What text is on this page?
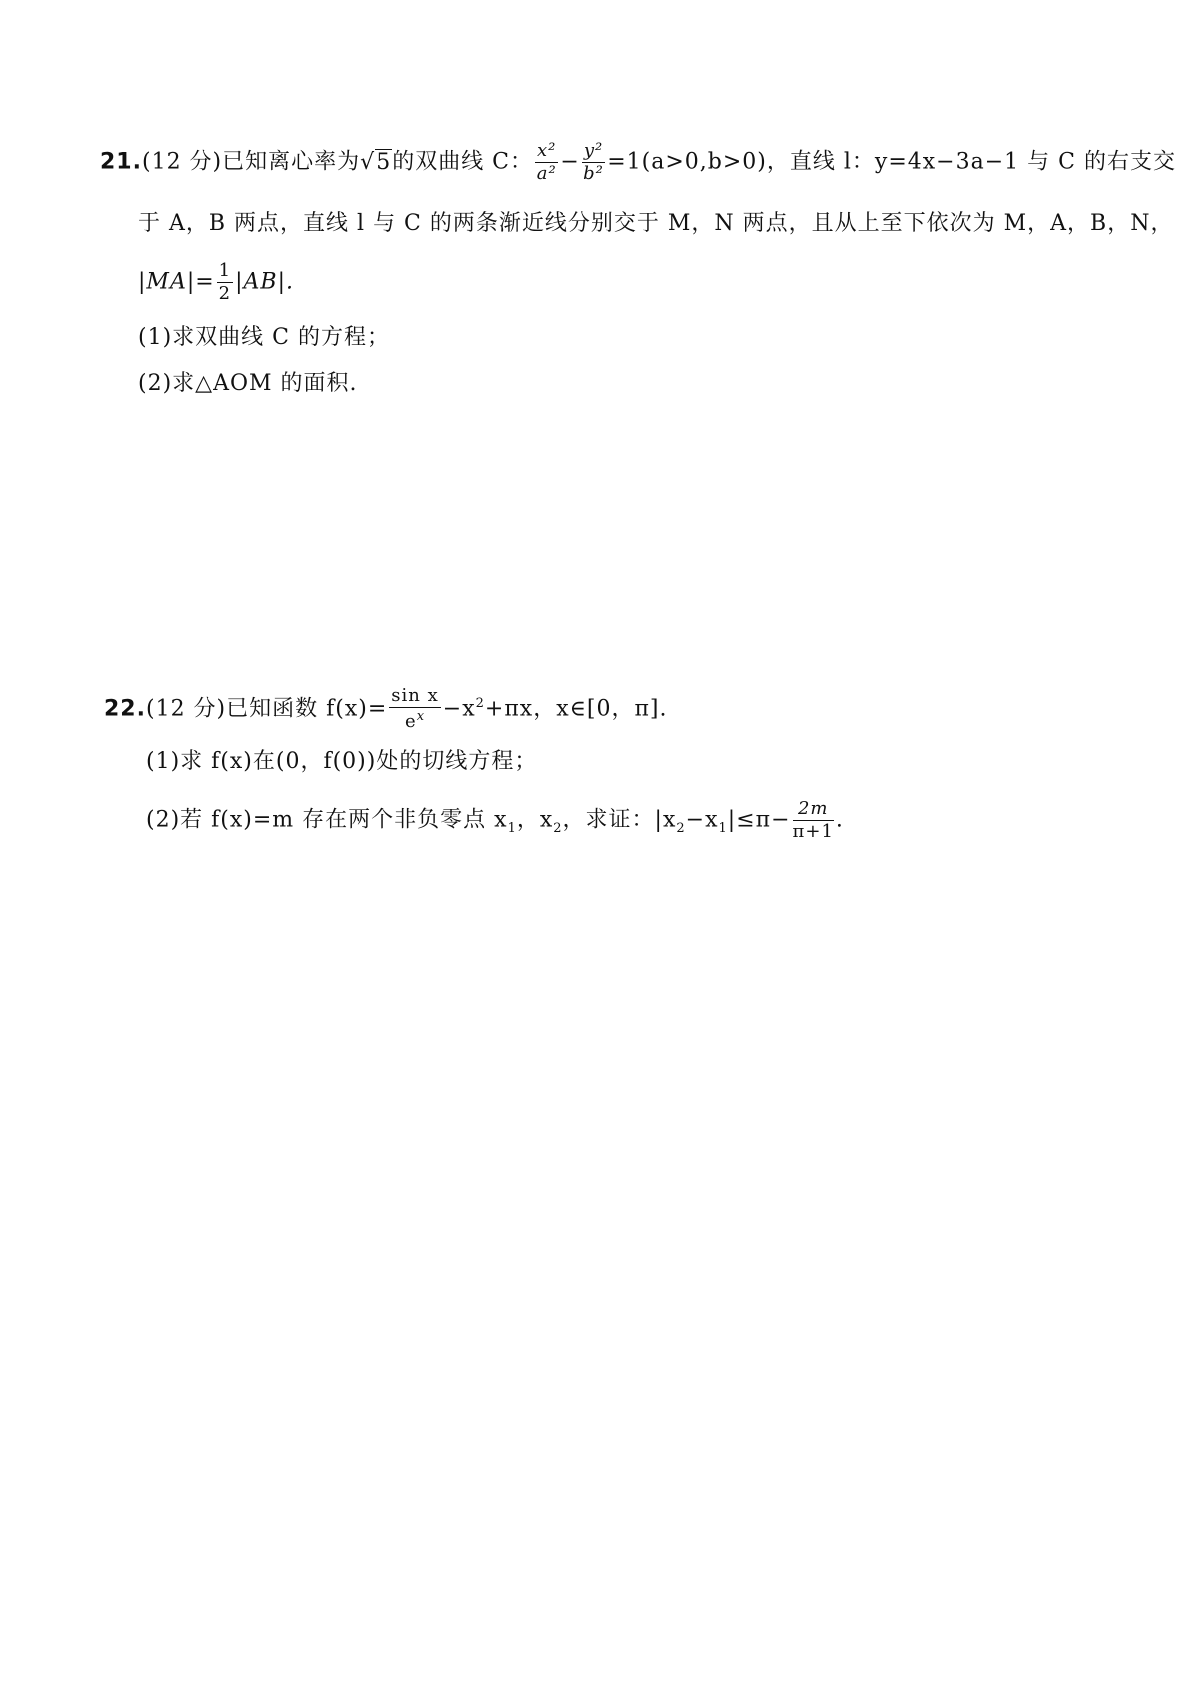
21.(12 分)已知离心率为√5的双曲线 C： $\frac{\text{x²}}{\text{a²}} - \frac{\text{y²}}{\text{b²}} =1(a>0,b>0)$，直线 l：y=4x−3a−1 与 C 的右支交
于 A，B 两点，直线 l 与 C 的两条渐近线分别交于 M，N 两点，且从上至下依次为 M，A，B，N，
$|MA|= \frac{1}{2} |AB|$.
(1)求双曲线 C 的方程；
(2)求△AOM 的面积.
22.(12 分)已知函数 $f(x)= \frac{\text{sin x}}{e^x} -x^2+\pi x$，x∈[0，π].
(1)求 f(x)在(0，f(0))处的切线方程；
(2)若 f(x)=m 存在两个非负零点 $x_1$，$x_2$，求证：$|x_2-x_1|\le\pi- \frac{2m}{\pi+1}$ .
